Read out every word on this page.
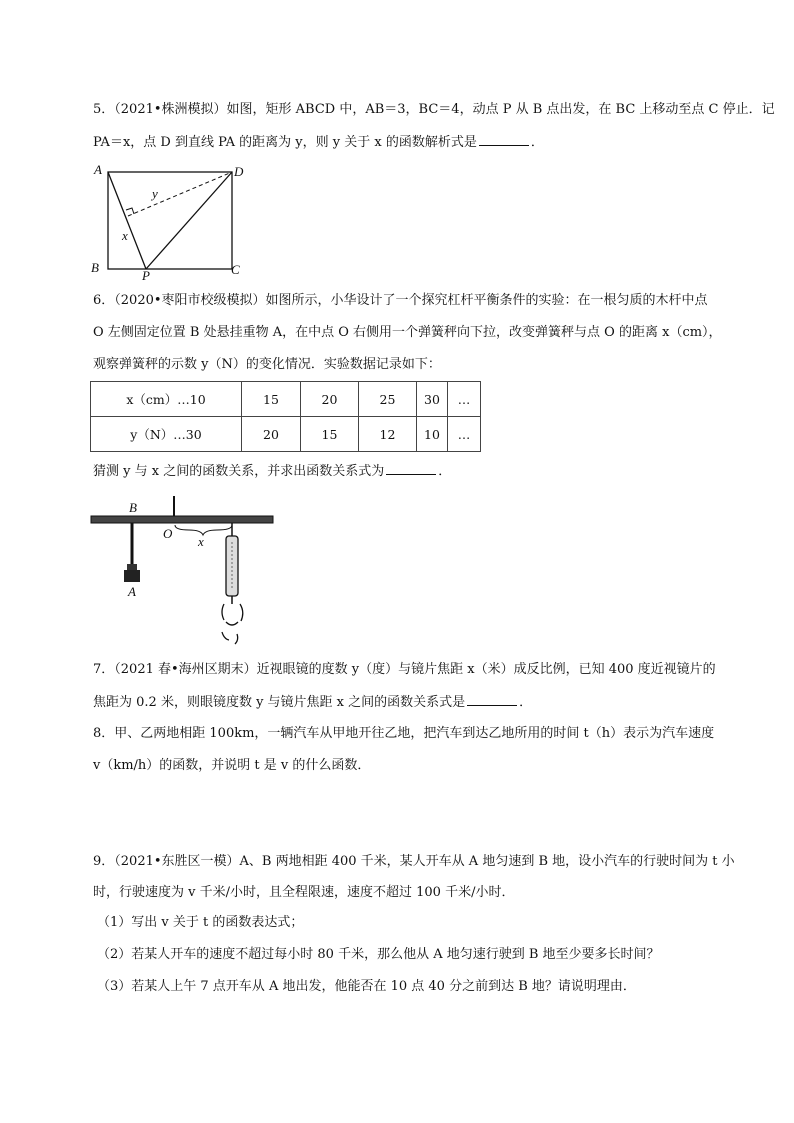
5．（2021•株洲模拟）如图，矩形 ABCD 中，AB＝3，BC＝4，动点 P 从 B 点出发，在 BC 上移动至点 C 停止．记
PA＝x，点 D 到直线 PA 的距离为 y，则 y 关于 x 的函数解析式是	．
A	D
B	C
P
x
y
6．（2020•枣阳市校级模拟）如图所示，小华设计了一个探究杠杆平衡条件的实验：在一根匀质的木杆中点
O 左侧固定位置 B 处悬挂重物 A，在中点 O 右侧用一个弹簧秤向下拉，改变弹簧秤与点 O 的距离 x（cm），
观察弹簧秤的示数 y（N）的变化情况．实验数据记录如下：
x（cm）…10	15	20	25	30	…
y（N）…30	20	15	12	10	…
猜测 y 与 x 之间的函数关系，并求出函数关系式为	．
B
O
x
A
7．（2021 春•海州区期末）近视眼镜的度数 y（度）与镜片焦距 x（米）成反比例，已知 400 度近视镜片的
焦距为 0.2 米，则眼镜度数 y 与镜片焦距 x 之间的函数关系式是	．
8．甲、乙两地相距 100km，一辆汽车从甲地开往乙地，把汽车到达乙地所用的时间 t（h）表示为汽车速度
v（km/h）的函数，并说明 t 是 v 的什么函数．
9．（2021•东胜区一模）A、B 两地相距 400 千米，某人开车从 A 地匀速到 B 地，设小汽车的行驶时间为 t 小
时，行驶速度为 v 千米/小时，且全程限速，速度不超过 100 千米/小时．
（1）写出 v 关于 t 的函数表达式；
（2）若某人开车的速度不超过每小时 80 千米，那么他从 A 地匀速行驶到 B 地至少要多长时间？
（3）若某人上午 7 点开车从 A 地出发，他能否在 10 点 40 分之前到达 B 地？请说明理由．
